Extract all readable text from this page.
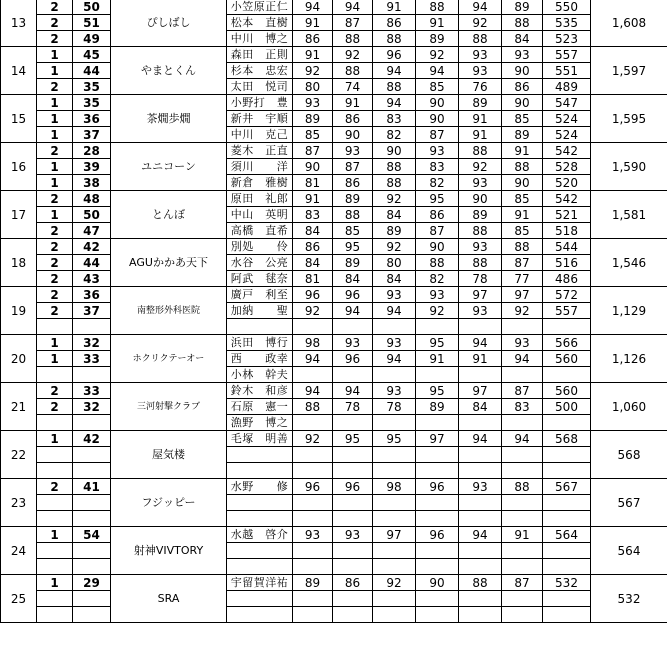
13	2	50	ぴしばし	小笠原正仁	94	94	91	88	94	89	550	1,608
	2	51		松本　直樹	91	87	86	91	92	88	535	
	2	49		中川　博之	86	88	88	89	88	84	523	
14	1	45	やまとくん	森田　正則	91	92	96	92	93	93	557	1,597
	1	44		杉本　忠宏	92	88	94	94	93	90	551	
	2	35		太田　悦司	80	74	88	85	76	86	489	
15	1	35	茶燗歩燗	小野打　豊	93	91	94	90	89	90	547	1,595
	1	36		新井　宇順	89	86	83	90	91	85	524	
	1	37		中川　克己	85	90	82	87	91	89	524	
16	2	28	ユニコーン	菱木　正直	87	93	90	93	88	91	542	1,590
	1	39		須川　　洋	90	87	88	83	92	88	528	
	1	38		新倉　雅樹	81	86	88	82	93	90	520	
17	2	48	とんぼ	原田　礼郎	91	89	92	95	90	85	542	1,581
	1	50		中山　英明	83	88	84	86	89	91	521	
	2	47		高橋　直希	84	85	89	87	88	85	518	
18	2	42	AGUかかあ天下	別処　　伶	86	95	92	90	93	88	544	1,546
	2	44		水谷　公亮	84	89	80	88	88	87	516	
	2	43		阿武　毬奈	81	84	84	82	78	77	486	
19	2	36	南整形外科医院	廣戸　利至	96	96	93	93	97	97	572	1,129
	2	37		加納　　聖	92	94	94	92	93	92	557	

20	1	32	ホクリクテーオー	浜田　博行	98	93	93	95	94	93	566	1,126
	1	33		西　　政幸	94	96	94	91	91	94	560	
				小林　幹夫								
21	2	33	三河射撃クラブ	鈴木　和彦	94	94	93	95	97	87	560	1,060
	2	32		石原　憲一	88	78	78	89	84	83	500	
				漁野　博之								
22	1	42	屋気楼	毛塚　明善	92	95	95	97	94	94	568	568

23	2	41	フジッピー	水野　　修	96	96	98	96	93	88	567	567

24	1	54	射神VIVTORY	水越　啓介	93	93	97	96	94	91	564	564

25	1	29	SRA	宇留賀洋祐	89	86	92	90	88	87	532	532
